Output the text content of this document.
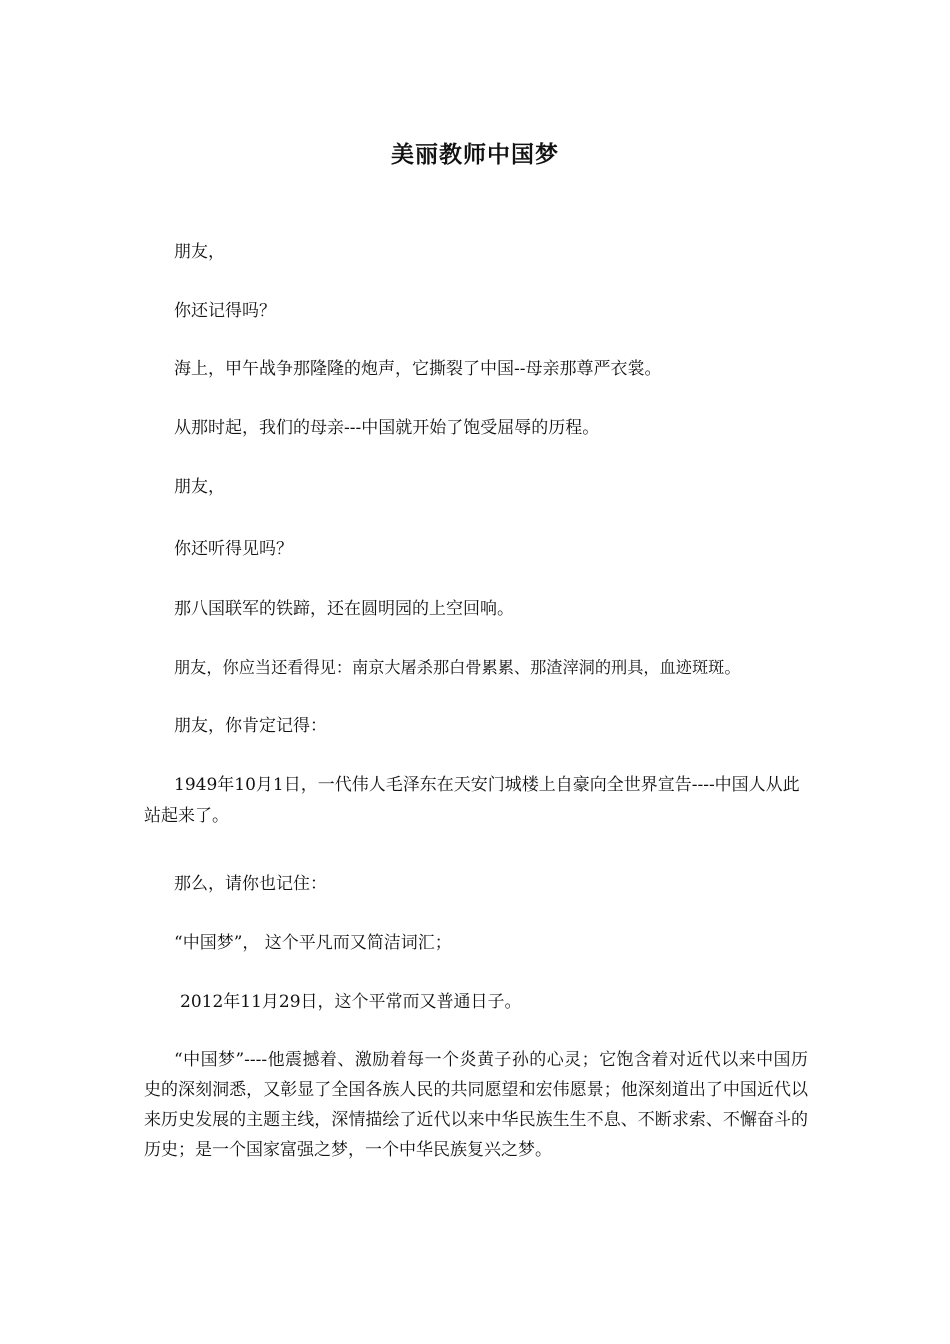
美丽教师中国梦
朋友，
你还记得吗？
海上，甲午战争那隆隆的炮声，它撕裂了中国--母亲那尊严衣裳。
从那时起，我们的母亲---中国就开始了饱受屈辱的历程。
朋友，
你还听得见吗？
那八国联军的铁蹄，还在圆明园的上空回响。
朋友，你应当还看得见：南京大屠杀那白骨累累、那渣滓洞的刑具，血迹斑斑。
朋友，你肯定记得：
1949年10月1日，一代伟人毛泽东在天安门城楼上自豪向全世界宣告----中国人从此站起来了。
那么，请你也记住：
“中国梦”， 这个平凡而又简洁词汇；
2012年11月29日，这个平常而又普通日子。
“中国梦”----他震撼着、激励着每一个炎黄子孙的心灵；它饱含着对近代以来中国历史的深刻洞悉，又彰显了全国各族人民的共同愿望和宏伟愿景；他深刻道出了中国近代以来历史发展的主题主线，深情描绘了近代以来中华民族生生不息、不断求索、不懈奋斗的历史；是一个国家富强之梦，一个中华民族复兴之梦。
